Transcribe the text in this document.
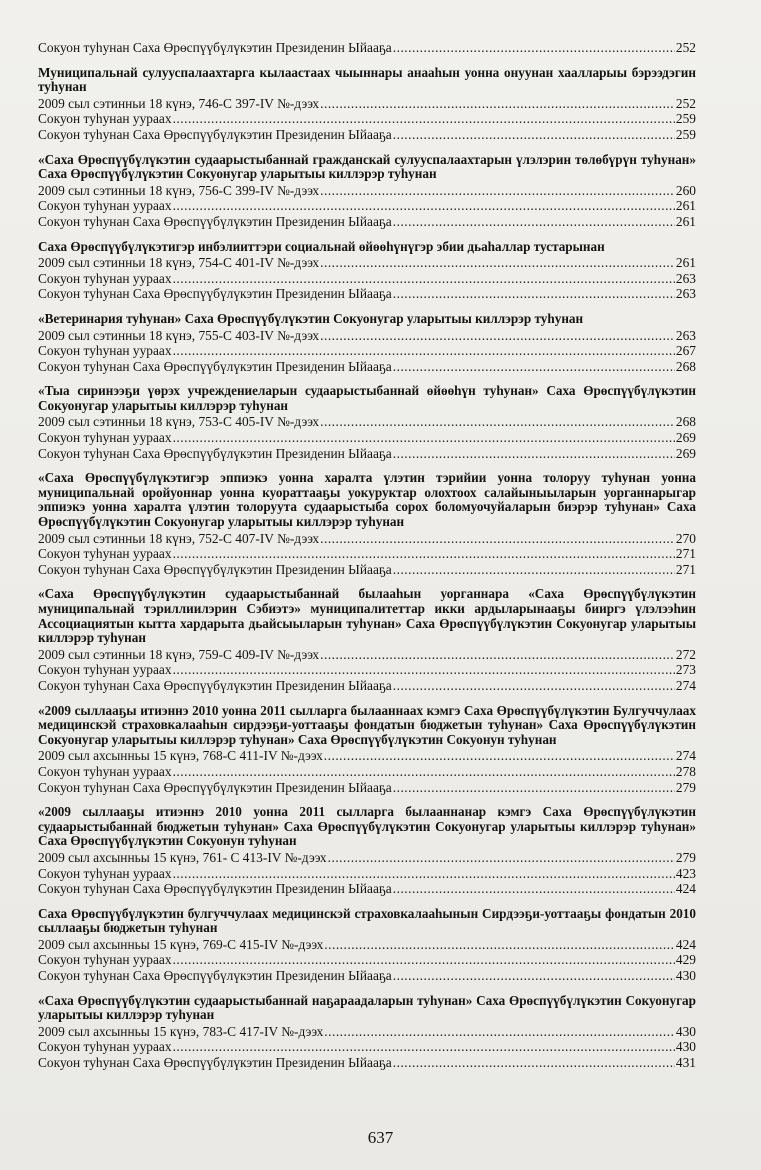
Сокуон туһунан Саха Өрөспүүбүлүкэтин Президенин Ыйааҕа .....	252
Муниципальнай сулууспалаахтарга кылаастаах чыыннары анааһын уонна онуунан хаалларыы бэрээдэгин туһунан
2009 сыл сэтинньи 18 күнэ, 746-С 397-IV №-дээх .....	252
Сокуон туһунан уураах .....	259
Сокуон туһунан Саха Өрөспүүбүлүкэтин Президенин Ыйааҕа .....	259
«Саха Өрөспүүбүлүкэтин судаарыстыбаннай гражданскай сулууспалаахтарын үлэлэрин төлөбүрүн туһунан» Саха Өрөспүүбүлүкэтин Сокуонугар уларытыы киллэрэр туһунан
2009 сыл сэтинньи 18 күнэ, 756-С 399-IV №-дээх .....	260
Сокуон туһунан уураах .....	261
Сокуон туһунан Саха Өрөспүүбүлүкэтин Президенин Ыйааҕа .....	261
Саха Өрөспүүбүлүкэтигэр инбэлииттэри социальнай өйөөһүнүгэр эбии дьаһаллар тустарынан
2009 сыл сэтинньи 18 күнэ, 754-С 401-IV №-дээх .....	261
Сокуон туһунан уураах .....	263
Сокуон туһунан Саха Өрөспүүбүлүкэтин Президенин Ыйааҕа .....	263
«Ветеринария туһунан» Саха Өрөспүүбүлүкэтин Сокуонугар уларытыы киллэрэр туһунан
2009 сыл сэтинньи 18 күнэ, 755-С 403-IV №-дээх .....	263
Сокуон туһунан уураах .....	267
Сокуон туһунан Саха Өрөспүүбүлүкэтин Президенин Ыйааҕа .....	268
«Тыа сиринээҕи үөрэх учреждениеларын судаарыстыбаннай өйөөһүн туһунан» Саха Өрөспүүбүлүкэтин Сокуонугар уларытыы киллэрэр туһунан
2009 сыл сэтинньи 18 күнэ, 753-С 405-IV №-дээх .....	268
Сокуон туһунан уураах .....	269
Сокуон туһунан Саха Өрөспүүбүлүкэтин Президенин Ыйааҕа .....	269
«Саха Өрөспүүбүлүкэтигэр эппиэкэ уонна харалта үлэтин тэрийии уонна толоруу туһунан уонна муниципальнай оройуоннар уонна куораттааҕы уокуруктар олохтоох салайыныыларын уорганнарыгар эппиэкэ уонна харалта үлэтин толоруута судаарыстыба сорох боломуочуйаларын биэрэр туһунан» Саха Өрөспүүбүлүкэтин Сокуонугар уларытыы киллэрэр туһунан
2009 сыл сэтинньи 18 күнэ, 752-С 407-IV №-дээх .....	270
Сокуон туһунан уураах .....	271
Сокуон туһунан Саха Өрөспүүбүлүкэтин Президенин Ыйааҕа .....	271
«Саха Өрөспүүбүлүкэтин судаарыстыбаннай былааһын уорганнара «Саха Өрөспүүбүлүкэтин муниципальнай тэриллиилэрин Сэбиэтэ» муниципалитеттар икки ардыларынааҕы бииргэ үлэлээһин Ассоциациятын кытта хардарыта дьайсыыларын туһунан» Саха Өрөспүүбүлүкэтин Сокуонугар уларытыы киллэрэр туһунан
2009 сыл сэтинньи 18 күнэ, 759-С 409-IV №-дээх .....	272
Сокуон туһунан уураах .....	273
Сокуон туһунан Саха Өрөспүүбүлүкэтин Президенин Ыйааҕа .....	274
«2009 сыллааҕы итиэннэ 2010 уонна 2011 сылларга былааннаах кэмгэ Саха Өрөспүүбүлүкэтин Булгуччулаах медицинскэй страховкалааһын сирдээҕи-уоттааҕы фондатын бюджетын туһунан» Саха Өрөспүүбүлүкэтин Сокуонугар уларытыы киллэрэр туһунан» Саха Өрөспүүбүлүкэтин Сокуонун туһунан
2009 сыл ахсынньы 15 күнэ, 768-С 411-IV №-дээх .....	274
Сокуон туһунан уураах .....	278
Сокуон туһунан Саха Өрөспүүбүлүкэтин Президенин Ыйааҕа .....	279
«2009 сыллааҕы итиэннэ 2010 уонна 2011 сылларга былааннанар кэмгэ Саха Өрөспүүбүлүкэтин судаарыстыбаннай бюджетын туһунан» Саха Өрөспүүбүлүкэтин Сокуонугар уларытыы киллэрэр туһунан» Саха Өрөспүүбүлүкэтин Сокуонун туһунан
2009 сыл ахсынньы 15 күнэ, 761- С 413-IV №-дээх .....	279
Сокуон туһунан уураах .....	423
Сокуон туһунан Саха Өрөспүүбүлүкэтин Президенин Ыйааҕа .....	424
Саха Өрөспүүбүлүкэтин булгуччулаах медицинскэй страховкалааһынын Сирдээҕи-уоттааҕы фондатын 2010 сыллааҕы бюджетын туһунан
2009 сыл ахсынньы 15 күнэ, 769-С 415-IV №-дээх .....	424
Сокуон туһунан уураах .....	429
Сокуон туһунан Саха Өрөспүүбүлүкэтин Президенин Ыйааҕа .....	430
«Саха Өрөспүүбүлүкэтин судаарыстыбаннай наҕараадаларын туһунан» Саха Өрөспүүбүлүкэтин Сокуонугар уларытыы киллэрэр туһунан
2009 сыл ахсынньы 15 күнэ, 783-С 417-IV №-дээх .....	430
Сокуон туһунан уураах .....	430
Сокуон туһунан Саха Өрөспүүбүлүкэтин Президенин Ыйааҕа .....	431
637
